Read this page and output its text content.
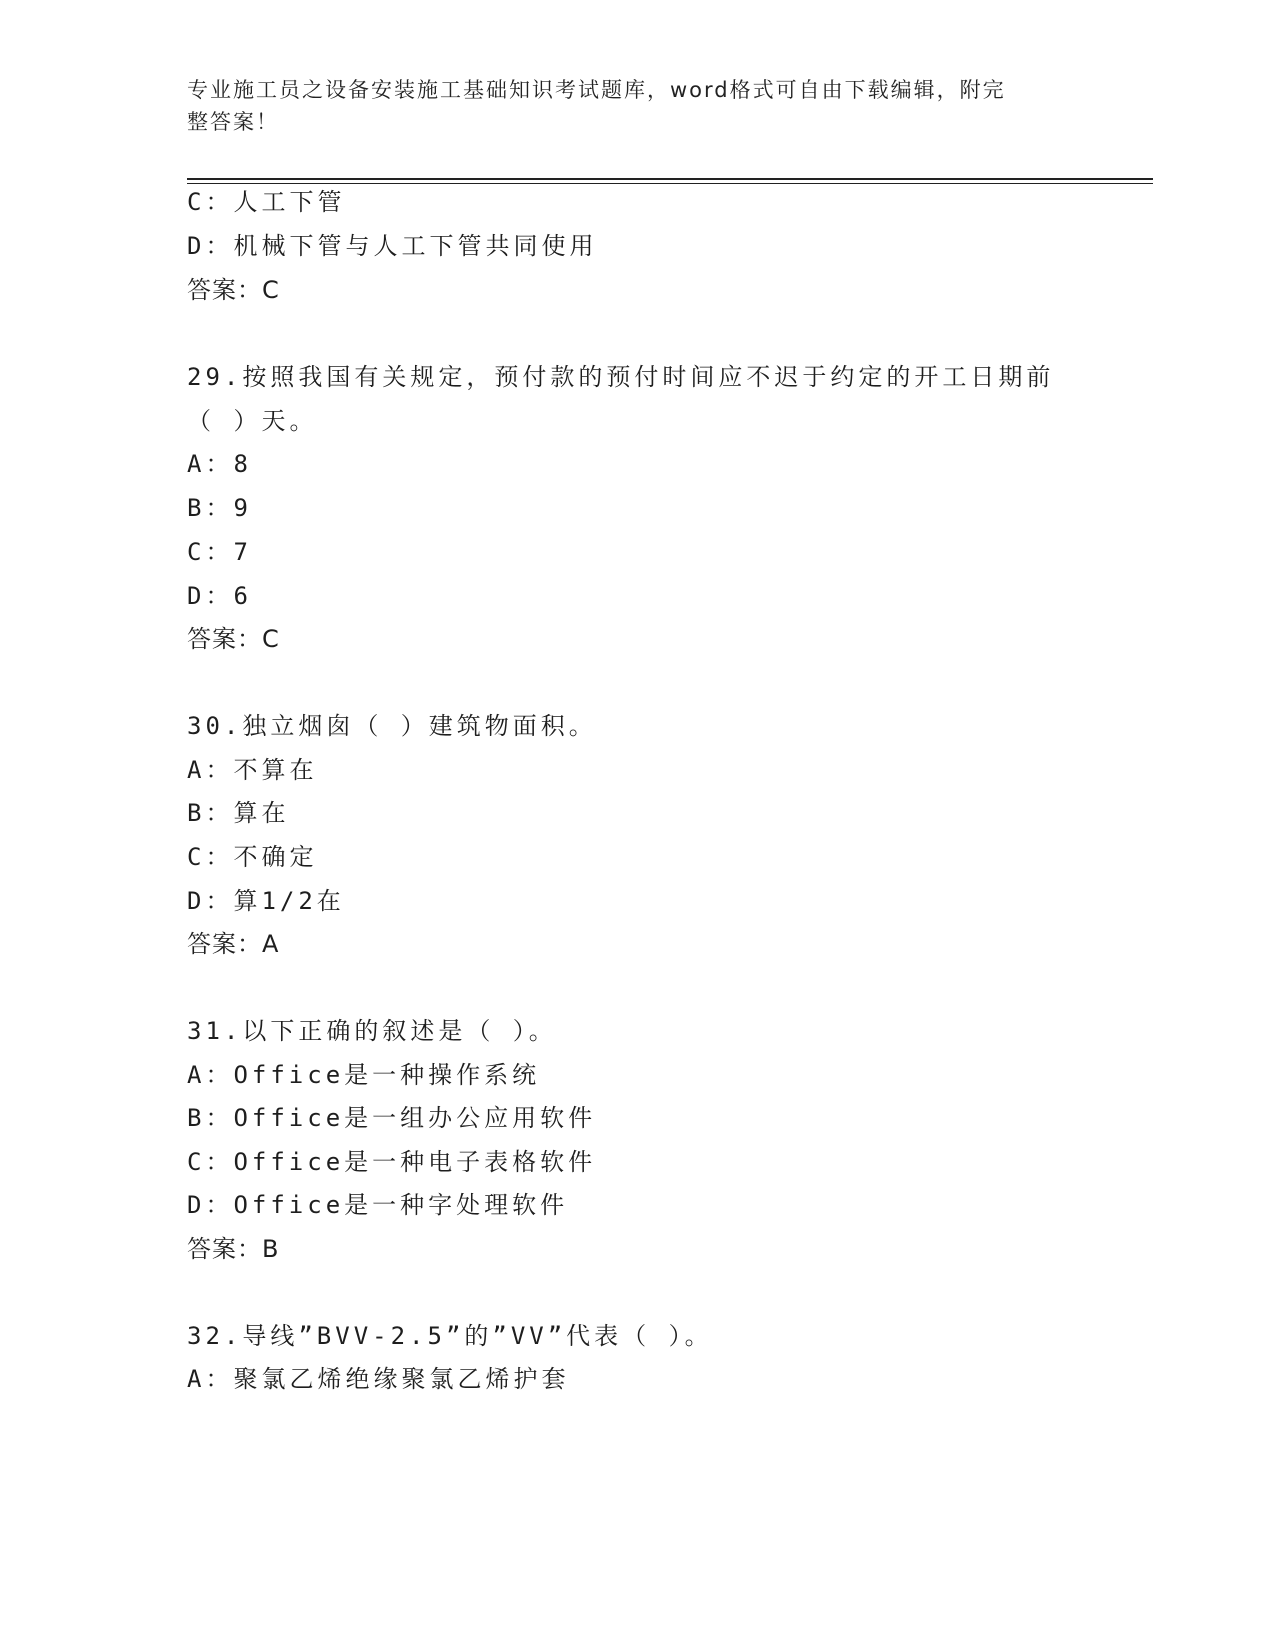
专业施工员之设备安装施工基础知识考试题库，word格式可自由下载编辑，附完
整答案！
C：人工下管
D：机械下管与人工下管共同使用
答案：C
29.按照我国有关规定，预付款的预付时间应不迟于约定的开工日期前
（ ）天。
A：8
B：9
C：7
D：6
答案：C
30.独立烟囱（ ）建筑物面积。
A：不算在
B：算在
C：不确定
D：算1/2在
答案：A
31.以下正确的叙述是（ ）。
A：Office是一种操作系统
B：Office是一组办公应用软件
C：Office是一种电子表格软件
D：Office是一种字处理软件
答案：B
32.导线”BVV-2.5”的”VV”代表（ ）。
A：聚氯乙烯绝缘聚氯乙烯护套
